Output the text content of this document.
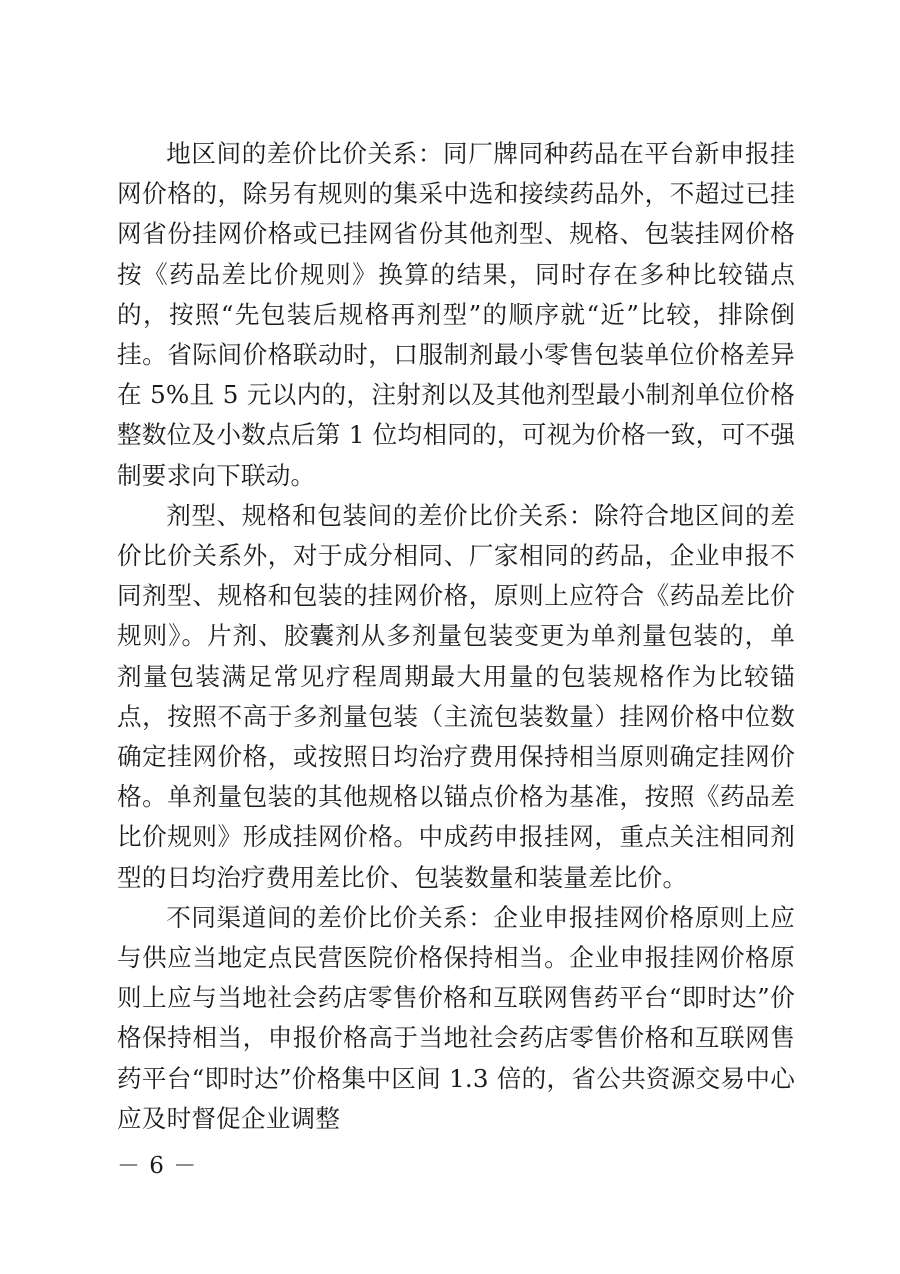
地区间的差价比价关系：同厂牌同种药品在平台新申报挂网价格的，除另有规则的集采中选和接续药品外，不超过已挂网省份挂网价格或已挂网省份其他剂型、规格、包装挂网价格按《药品差比价规则》换算的结果，同时存在多种比较锚点的，按照“先包装后规格再剂型”的顺序就“近”比较，排除倒挂。省际间价格联动时，口服制剂最小零售包装单位价格差异在 5%且 5 元以内的，注射剂以及其他剂型最小制剂单位价格整数位及小数点后第 1 位均相同的，可视为价格一致，可不强制要求向下联动。

剂型、规格和包装间的差价比价关系：除符合地区间的差价比价关系外，对于成分相同、厂家相同的药品，企业申报不同剂型、规格和包装的挂网价格，原则上应符合《药品差比价规则》。片剂、胶囊剂从多剂量包装变更为单剂量包装的，单剂量包装满足常见疗程周期最大用量的包装规格作为比较锚点，按照不高于多剂量包装（主流包装数量）挂网价格中位数确定挂网价格，或按照日均治疗费用保持相当原则确定挂网价格。单剂量包装的其他规格以锚点价格为基准，按照《药品差比价规则》形成挂网价格。中成药申报挂网，重点关注相同剂型的日均治疗费用差比价、包装数量和装量差比价。

不同渠道间的差价比价关系：企业申报挂网价格原则上应与供应当地定点民营医院价格保持相当。企业申报挂网价格原则上应与当地社会药店零售价格和互联网售药平台“即时达”价格保持相当，申报价格高于当地社会药店零售价格和互联网售药平台“即时达”价格集中区间 1.3 倍的，省公共资源交易中心应及时督促企业调整

－ 6 －
